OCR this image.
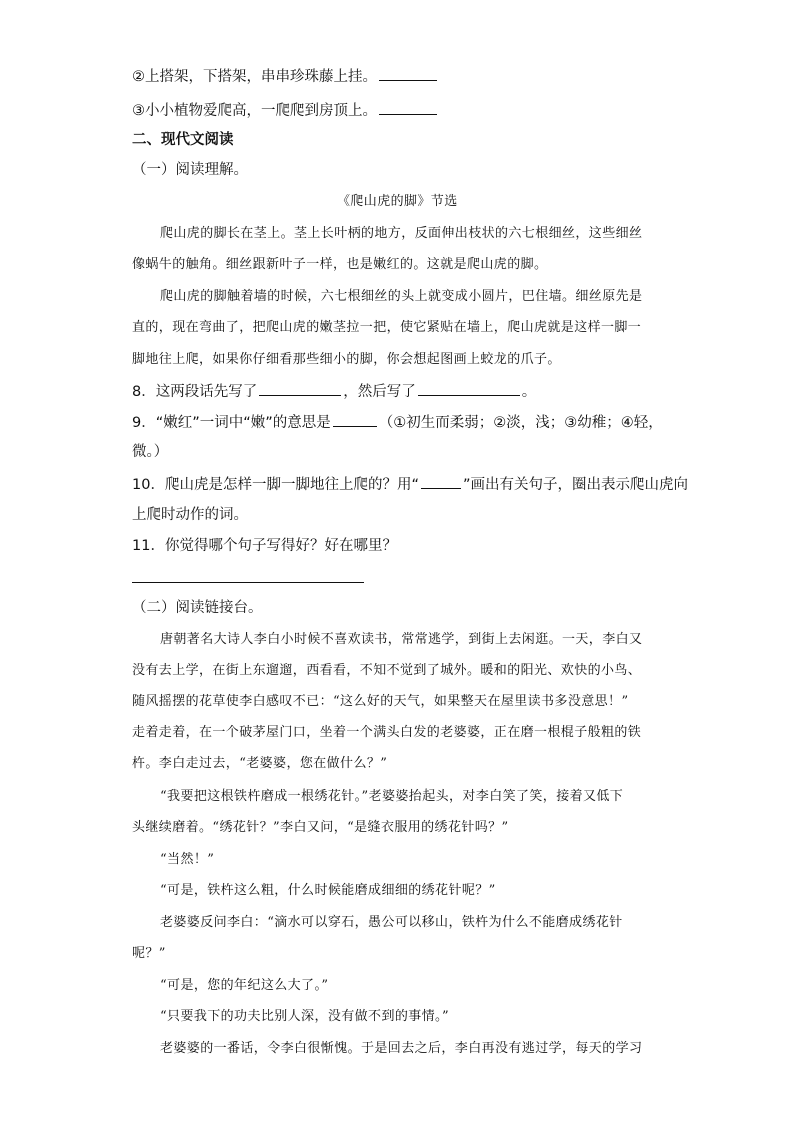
②上搭架，下搭架，串串珍珠藤上挂。
③小小植物爱爬高，一爬爬到房顶上。
二、现代文阅读
（一）阅读理解。
《爬山虎的脚》节选
爬山虎的脚长在茎上。茎上长叶柄的地方，反面伸出枝状的六七根细丝，这些细丝
像蜗牛的触角。细丝跟新叶子一样，也是嫩红的。这就是爬山虎的脚。
爬山虎的脚触着墙的时候，六七根细丝的头上就变成小圆片，巴住墙。细丝原先是
直的，现在弯曲了，把爬山虎的嫩茎拉一把，使它紧贴在墙上，爬山虎就是这样一脚一
脚地往上爬，如果你仔细看那些细小的脚，你会想起图画上蛟龙的爪子。
8．这两段话先写了	，然后写了	。
9．“嫩红”一词中“嫩”的意思是	（①初生而柔弱；②淡，浅；③幼稚；④轻，
微。）
10．爬山虎是怎样一脚一脚地往上爬的？用“	”画出有关句子，圈出表示爬山虎向
上爬时动作的词。
11．你觉得哪个句子写得好？好在哪里？
（二）阅读链接台。
唐朝著名大诗人李白小时候不喜欢读书，常常逃学，到街上去闲逛。一天，李白又
没有去上学，在街上东遛遛，西看看，不知不觉到了城外。暖和的阳光、欢快的小鸟、
随风摇摆的花草使李白感叹不已：“这么好的天气，如果整天在屋里读书多没意思！”
走着走着，在一个破茅屋门口，坐着一个满头白发的老婆婆，正在磨一根棍子般粗的铁
杵。李白走过去，“老婆婆，您在做什么？”
“我要把这根铁杵磨成一根绣花针。”老婆婆抬起头，对李白笑了笑，接着又低下
头继续磨着。“绣花针？”李白又问，“是缝衣服用的绣花针吗？”
“当然！”
“可是，铁杵这么粗，什么时候能磨成细细的绣花针呢？”
老婆婆反问李白：“滴水可以穿石，愚公可以移山，铁杵为什么不能磨成绣花针
呢？”
“可是，您的年纪这么大了。”
“只要我下的功夫比别人深，没有做不到的事情。”
老婆婆的一番话，令李白很惭愧。于是回去之后，李白再没有逃过学，每天的学习
